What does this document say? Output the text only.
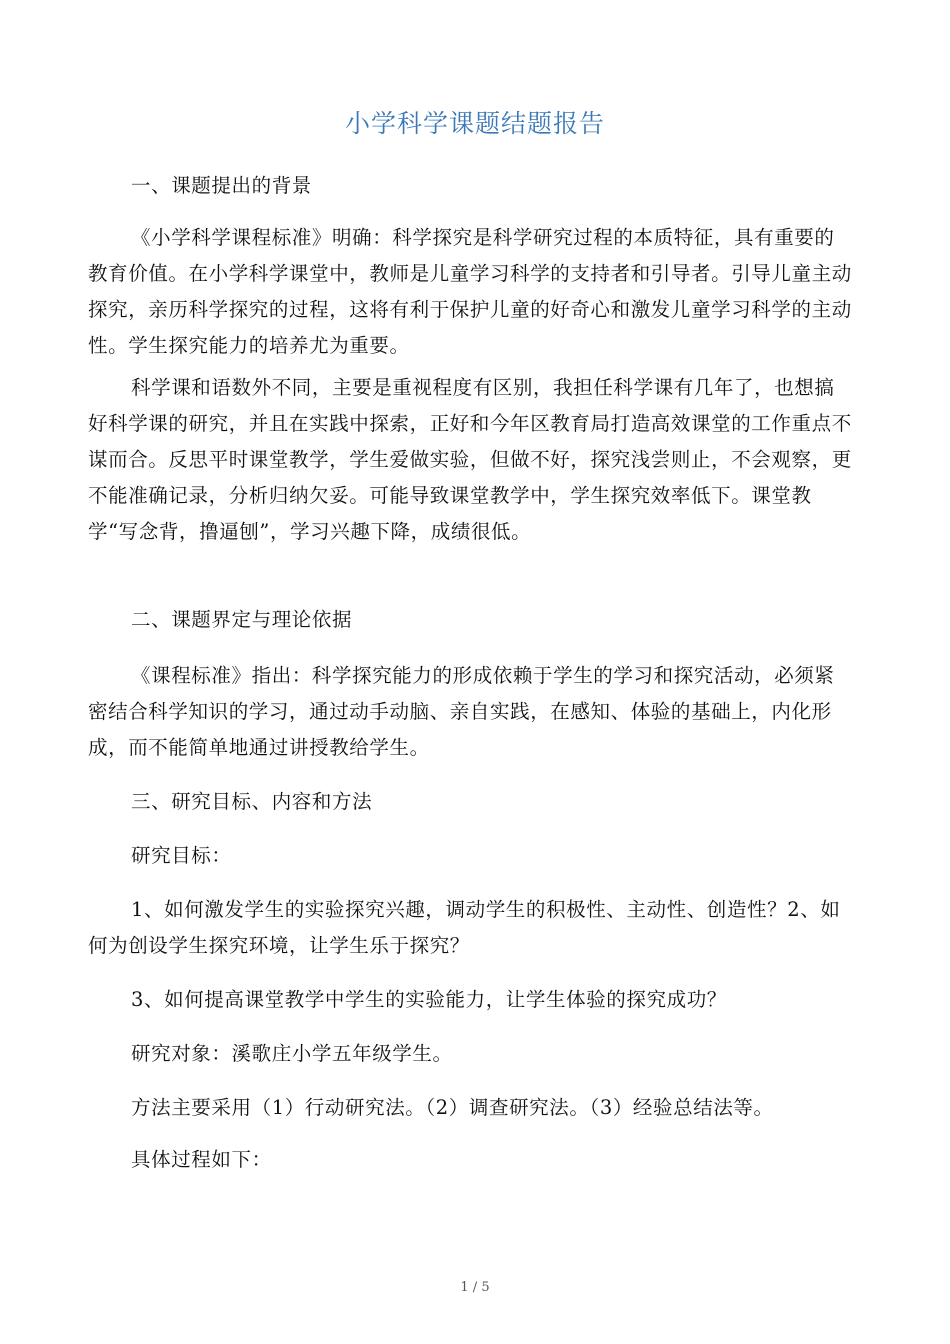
小学科学课题结题报告
一、课题提出的背景
《小学科学课程标准》明确：科学探究是科学研究过程的本质特征，具有重要的教育价值。在小学科学课堂中，教师是儿童学习科学的支持者和引导者。引导儿童主动探究，亲历科学探究的过程，这将有利于保护儿童的好奇心和激发儿童学习科学的主动性。学生探究能力的培养尤为重要。
科学课和语数外不同，主要是重视程度有区别，我担任科学课有几年了，也想搞好科学课的研究，并且在实践中探索，正好和今年区教育局打造高效课堂的工作重点不谋而合。反思平时课堂教学，学生爱做实验，但做不好，探究浅尝则止，不会观察，更不能准确记录，分析归纳欠妥。可能导致课堂教学中，学生探究效率低下。课堂教学“写念背，撸逼刨”，学习兴趣下降，成绩很低。
二、课题界定与理论依据
《课程标准》指出：科学探究能力的形成依赖于学生的学习和探究活动，必须紧密结合科学知识的学习，通过动手动脑、亲自实践，在感知、体验的基础上，内化形成，而不能简单地通过讲授教给学生。
三、研究目标、内容和方法
研究目标：
1、如何激发学生的实验探究兴趣，调动学生的积极性、主动性、创造性？2、如何为创设学生探究环境，让学生乐于探究？
3、如何提高课堂教学中学生的实验能力，让学生体验的探究成功？
研究对象：溪歌庄小学五年级学生。
方法主要采用（1）行动研究法。（2）调查研究法。（3）经验总结法等。
具体过程如下：
1 / 5
